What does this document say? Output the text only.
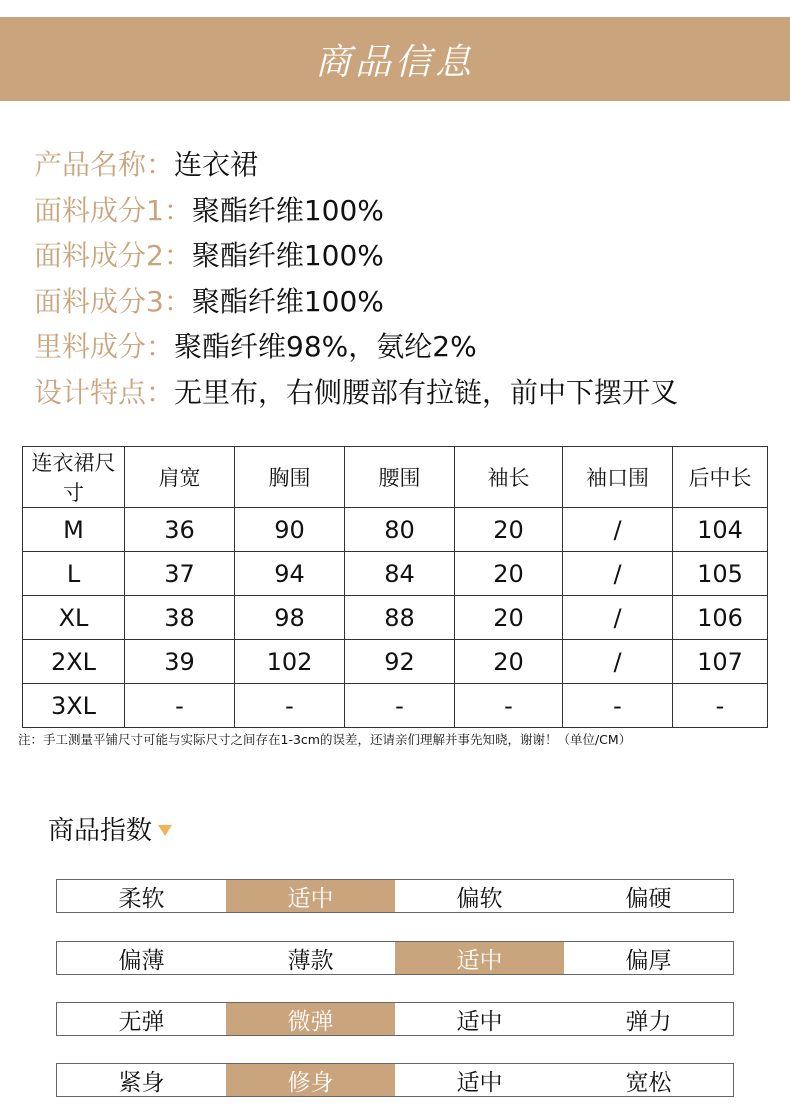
商品信息
产品名称：连衣裙
面料成分1：聚酯纤维100%
面料成分2：聚酯纤维100%
面料成分3：聚酯纤维100%
里料成分：聚酯纤维98%，氨纶2%
设计特点：无里布，右侧腰部有拉链，前中下摆开叉
连衣裙尺寸	肩宽	胸围	腰围	袖长	袖口围	后中长
M	36	90	80	20	/	104
L	37	94	84	20	/	105
XL	38	98	88	20	/	106
2XL	39	102	92	20	/	107
3XL	-	-	-	-	-	-
注：手工测量平铺尺寸可能与实际尺寸之间存在1-3cm的误差，还请亲们理解并事先知晓，谢谢！（单位/CM）
商品指数
柔软	适中	偏软	偏硬
偏薄	薄款	适中	偏厚
无弹	微弹	适中	弹力
紧身	修身	适中	宽松
